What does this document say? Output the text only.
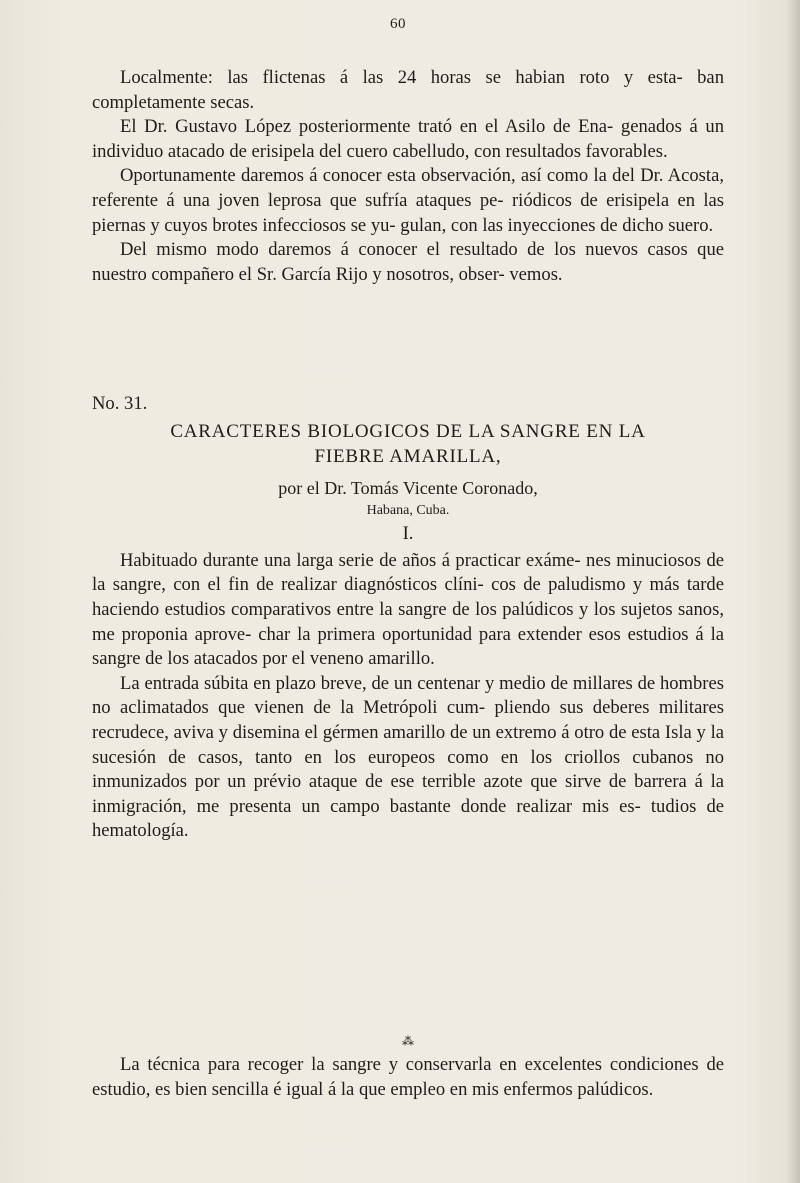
60

Localmente: las flictenas á las 24 horas se habian roto y esta- ban completamente secas.

El Dr. Gustavo López posteriormente trató en el Asilo de Ena- genados á un individuo atacado de erisipela del cuero cabelludo, con resultados favorables.

Oportunamente daremos á conocer esta observación, así como la del Dr. Acosta, referente á una joven leprosa que sufría ataques pe- riódicos de erisipela en las piernas y cuyos brotes infecciosos se yu- gulan, con las inyecciones de dicho suero.

Del mismo modo daremos á conocer el resultado de los nuevos casos que nuestro compañero el Sr. García Rijo y nosotros, obser- vemos.

No. 31.

CARACTERES BIOLOGICOS DE LA SANGRE EN LA

FIEBRE AMARILLA,

por el Dr. Tomás Vicente Coronado,

Habana, Cuba.

I.

Habituado durante una larga serie de años á practicar exáme- nes minuciosos de la sangre, con el fin de realizar diagnósticos clíni- cos de paludismo y más tarde haciendo estudios comparativos entre la sangre de los palúdicos y los sujetos sanos, me proponia aprove- char la primera oportunidad para extender esos estudios á la sangre de los atacados por el veneno amarillo.

La entrada súbita en plazo breve, de un centenar y medio de millares de hombres no aclimatados que vienen de la Metrópoli cum- pliendo sus deberes militares recrudece, aviva y disemina el gérmen amarillo de un extremo á otro de esta Isla y la sucesión de casos, tanto en los europeos como en los criollos cubanos no inmunizados por un prévio ataque de ese terrible azote que sirve de barrera á la inmigración, me presenta un campo bastante donde realizar mis es- tudios de hematología.

⁂

La técnica para recoger la sangre y conservarla en excelentes condiciones de estudio, es bien sencilla é igual á la que empleo en mis enfermos palúdicos.
